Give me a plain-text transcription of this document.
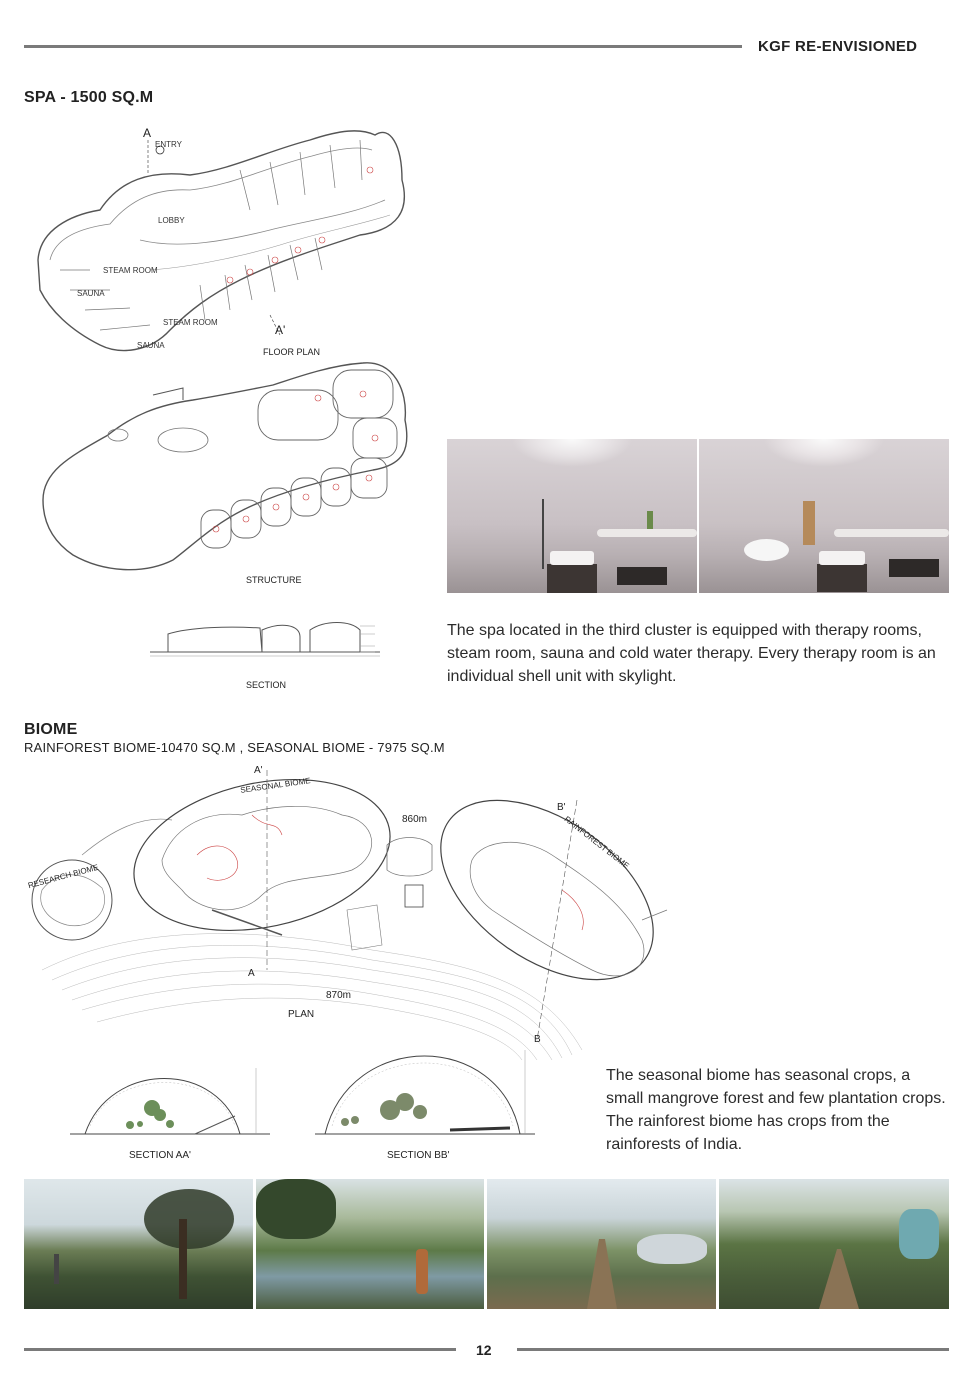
KGF RE-ENVISIONED
SPA - 1500 SQ.M
A
A'
ENTRY
LOBBY
STEAM ROOM
STEAM ROOM
SAUNA
SAUNA
FLOOR PLAN
STRUCTURE
SECTION
The spa located in the third cluster is equipped with therapy rooms, steam room, sauna and cold water therapy. Every therapy room is an individual shell unit with skylight.
BIOME
RAINFOREST BIOME-10470 SQ.M , SEASONAL BIOME - 7975 SQ.M
SEASONAL BIOME
RAINFOREST BIOME
RESEARCH BIOME
860m
870m
PLAN
A
A'
B
B'
SECTION AA'	SECTION BB'
The seasonal biome has seasonal crops, a small mangrove forest and few plantation crops. The rainforest biome has crops from the rainforests of India.
12
